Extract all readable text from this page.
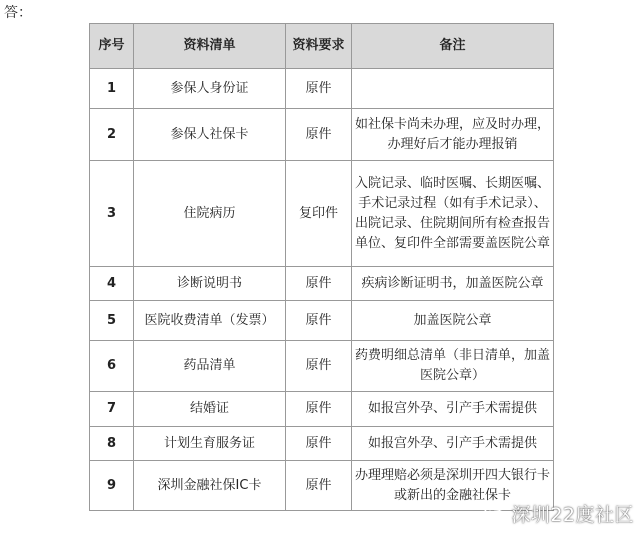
答：
序号	资料清单	资料要求	备注
1	参保人身份证	原件	
2	参保人社保卡	原件	如社保卡尚未办理，应及时办理，办理好后才能办理报销
3	住院病历	复印件	入院记录、临时医嘱、长期医嘱、手术记录过程（如有手术记录）、出院记录、住院期间所有检查报告单位、复印件全部需要盖医院公章
4	诊断说明书	原件	疾病诊断证明书，加盖医院公章
5	医院收费清单（发票）	原件	加盖医院公章
6	药品清单	原件	药费明细总清单（非日清单，加盖医院公章）
7	结婚证	原件	如报宫外孕、引产手术需提供
8	计划生育服务证	原件	如报宫外孕、引产手术需提供
9	深圳金融社保IC卡	原件	办理理赔必须是深圳开四大银行卡或新出的金融社保卡
深圳22度社区
